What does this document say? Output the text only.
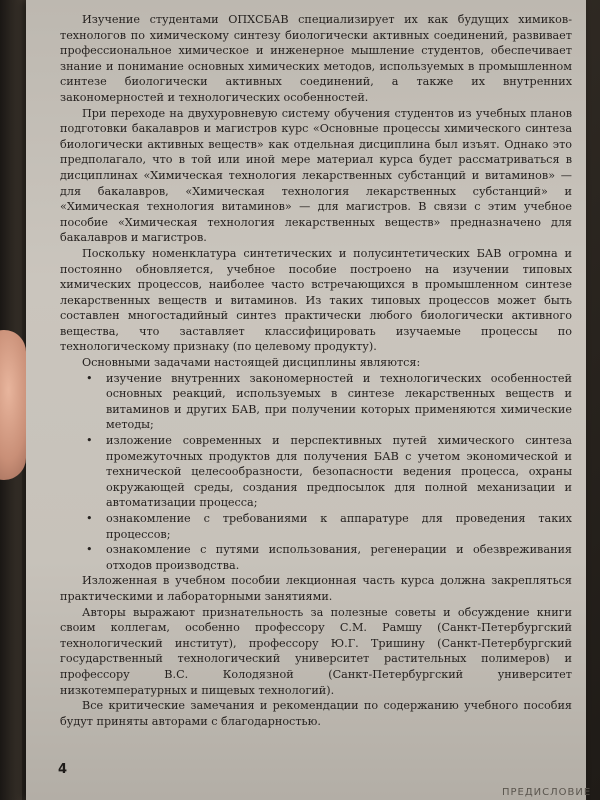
Изучение студентами ОПХСБАВ специализирует их как будущих химиков-технологов по химическому синтезу биологически активных соединений, развивает профессиональное химическое и инженерное мышление студентов, обеспечивает знание и понимание основных химических методов, используемых в промышленном синтезе биологически активных соединений, а также их внутренних закономерностей и технологических особенностей.

При переходе на двухуровневую систему обучения студентов из учебных планов подготовки бакалавров и магистров курс «Основные процессы химического синтеза биологически активных веществ» как отдельная дисциплина был изъят. Однако это предполагало, что в той или иной мере материал курса будет рассматриваться в дисциплинах «Химическая технология лекарственных субстанций и витаминов» — для бакалавров, «Химическая технология лекарственных субстанций» и «Химическая технология витаминов» — для магистров. В связи с этим учебное пособие «Химическая технология лекарственных веществ» предназначено для бакалавров и магистров.

Поскольку номенклатура синтетических и полусинтетических БАВ огромна и постоянно обновляется, учебное пособие построено на изучении типовых химических процессов, наиболее часто встречающихся в промышленном синтезе лекарственных веществ и витаминов. Из таких типовых процессов может быть составлен многостадийный синтез практически любого биологически активного вещества, что заставляет классифицировать изучаемые процессы по технологическому признаку (по целевому продукту).

Основными задачами настоящей дисциплины являются:

• изучение внутренних закономерностей и технологических особенностей основных реакций, используемых в синтезе лекарственных веществ и витаминов и других БАВ, при получении которых применяются химические методы;
• изложение современных и перспективных путей химического синтеза промежуточных продуктов для получения БАВ с учетом экономической и технической целесообразности, безопасности ведения процесса, охраны окружающей среды, создания предпосылок для полной механизации и автоматизации процесса;
• ознакомление с требованиями к аппаратуре для проведения таких процессов;
• ознакомление с путями использования, регенерации и обезвреживания отходов производства.

Изложенная в учебном пособии лекционная часть курса должна закрепляться практическими и лабораторными занятиями.

Авторы выражают признательность за полезные советы и обсуждение книги своим коллегам, особенно профессору С.М. Рамшу (Санкт-Петербургский технологический институт), профессору Ю.Г. Тришину (Санкт-Петербургский государственный технологический университет растительных полимеров) и профессору В.С. Колодязной (Санкт-Петербургский университет низкотемпературных и пищевых технологий).

Все критические замечания и рекомендации по содержанию учебного пособия будут приняты авторами с благодарностью.

4
ПРЕДИСЛОВИЕ
